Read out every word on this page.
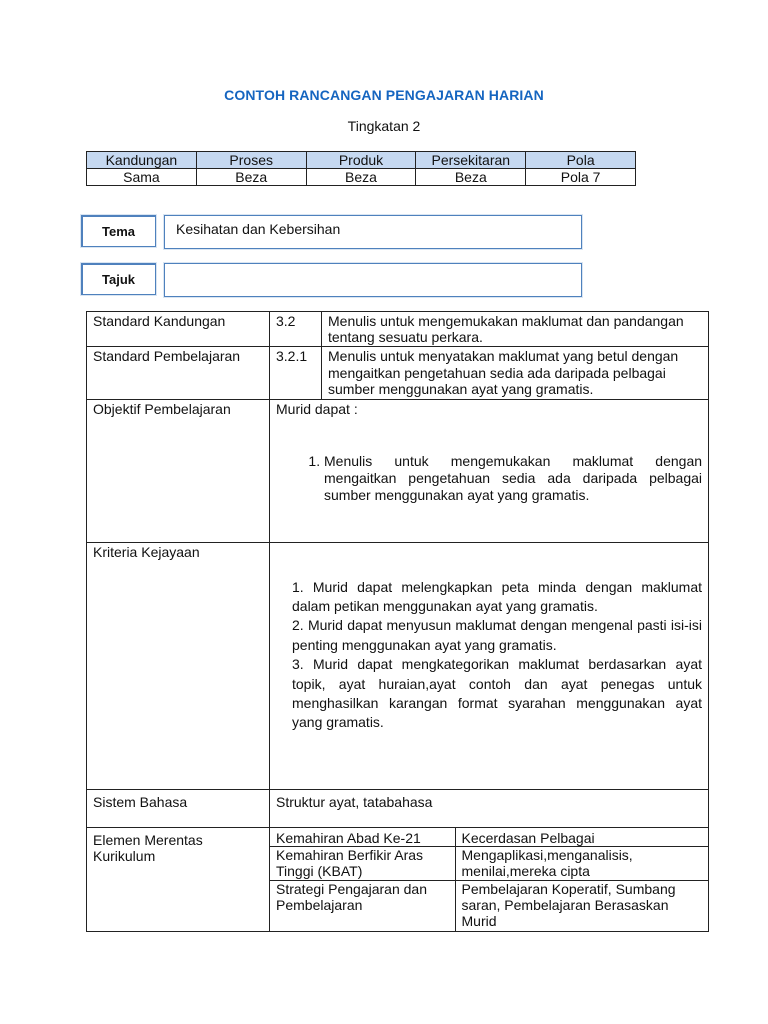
CONTOH RANCANGAN PENGAJARAN HARIAN
Tingkatan 2
Kandungan	Proses	Produk	Persekitaran	Pola
Sama	Beza	Beza	Beza	Pola 7
Tema	Kesihatan dan Kebersihan
Tajuk
Standard Kandungan	3.2	Menulis untuk mengemukakan maklumat dan pandangan tentang sesuatu perkara.
Standard Pembelajaran	3.2.1	Menulis untuk menyatakan maklumat yang betul dengan mengaitkan pengetahuan sedia ada daripada pelbagai sumber menggunakan ayat yang gramatis.
Objektif Pembelajaran	Murid dapat :
1. Menulis untuk mengemukakan maklumat dengan mengaitkan pengetahuan sedia ada daripada pelbagai sumber menggunakan ayat yang gramatis.

Kriteria Kejayaan	
1. Murid dapat melengkapkan peta minda dengan maklumat dalam petikan menggunakan ayat yang gramatis.
2. Murid dapat menyusun maklumat dengan mengenal pasti isi-isi penting menggunakan ayat yang gramatis.
3. Murid dapat mengkategorikan maklumat berdasarkan ayat topik, ayat huraian,ayat contoh dan ayat penegas untuk menghasilkan karangan format syarahan menggunakan ayat yang gramatis.

Sistem Bahasa	Struktur ayat, tatabahasa
Elemen Merentas Kurikulum	
Kemahiran Abad Ke-21	Kecerdasan Pelbagai
Kemahiran Berfikir Aras Tinggi (KBAT)	Mengaplikasi,menganalisis, menilai,mereka cipta
Strategi Pengajaran dan Pembelajaran	Pembelajaran Koperatif, Sumbang saran, Pembelajaran Berasaskan Murid
